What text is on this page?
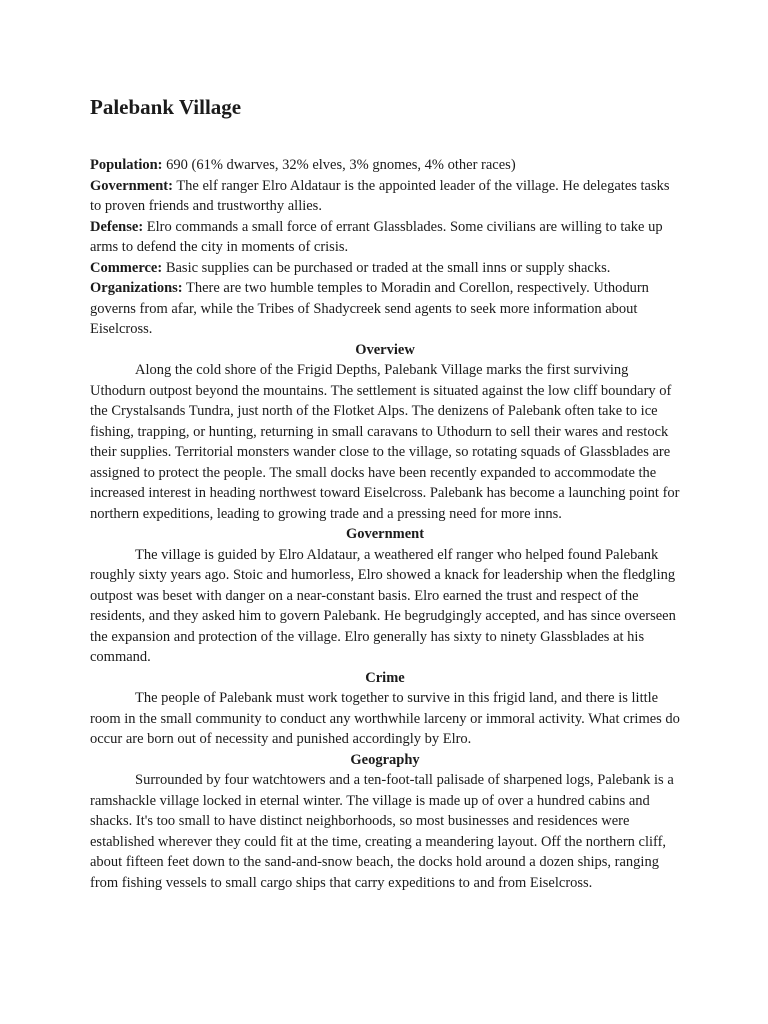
Palebank Village

Population: 690 (61% dwarves, 32% elves, 3% gnomes, 4% other races)

Government: The elf ranger Elro Aldataur is the appointed leader of the village. He delegates tasks to proven friends and trustworthy allies.

Defense: Elro commands a small force of errant Glassblades. Some civilians are willing to take up arms to defend the city in moments of crisis.

Commerce: Basic supplies can be purchased or traded at the small inns or supply shacks.

Organizations: There are two humble temples to Moradin and Corellon, respectively. Uthodurn governs from afar, while the Tribes of Shadycreek send agents to seek more information about Eiselcross.

Overview

Along the cold shore of the Frigid Depths, Palebank Village marks the first surviving Uthodurn outpost beyond the mountains. The settlement is situated against the low cliff boundary of the Crystalsands Tundra, just north of the Flotket Alps. The denizens of Palebank often take to ice fishing, trapping, or hunting, returning in small caravans to Uthodurn to sell their wares and restock their supplies. Territorial monsters wander close to the village, so rotating squads of Glassblades are assigned to protect the people. The small docks have been recently expanded to accommodate the increased interest in heading northwest toward Eiselcross. Palebank has become a launching point for northern expeditions, leading to growing trade and a pressing need for more inns.

Government

The village is guided by Elro Aldataur, a weathered elf ranger who helped found Palebank roughly sixty years ago. Stoic and humorless, Elro showed a knack for leadership when the fledgling outpost was beset with danger on a near-constant basis. Elro earned the trust and respect of the residents, and they asked him to govern Palebank. He begrudgingly accepted, and has since overseen the expansion and protection of the village. Elro generally has sixty to ninety Glassblades at his command.

Crime

The people of Palebank must work together to survive in this frigid land, and there is little room in the small community to conduct any worthwhile larceny or immoral activity. What crimes do occur are born out of necessity and punished accordingly by Elro.

Geography

Surrounded by four watchtowers and a ten-foot-tall palisade of sharpened logs, Palebank is a ramshackle village locked in eternal winter. The village is made up of over a hundred cabins and shacks. It's too small to have distinct neighborhoods, so most businesses and residences were established wherever they could fit at the time, creating a meandering layout. Off the northern cliff, about fifteen feet down to the sand-and-snow beach, the docks hold around a dozen ships, ranging from fishing vessels to small cargo ships that carry expeditions to and from Eiselcross.
